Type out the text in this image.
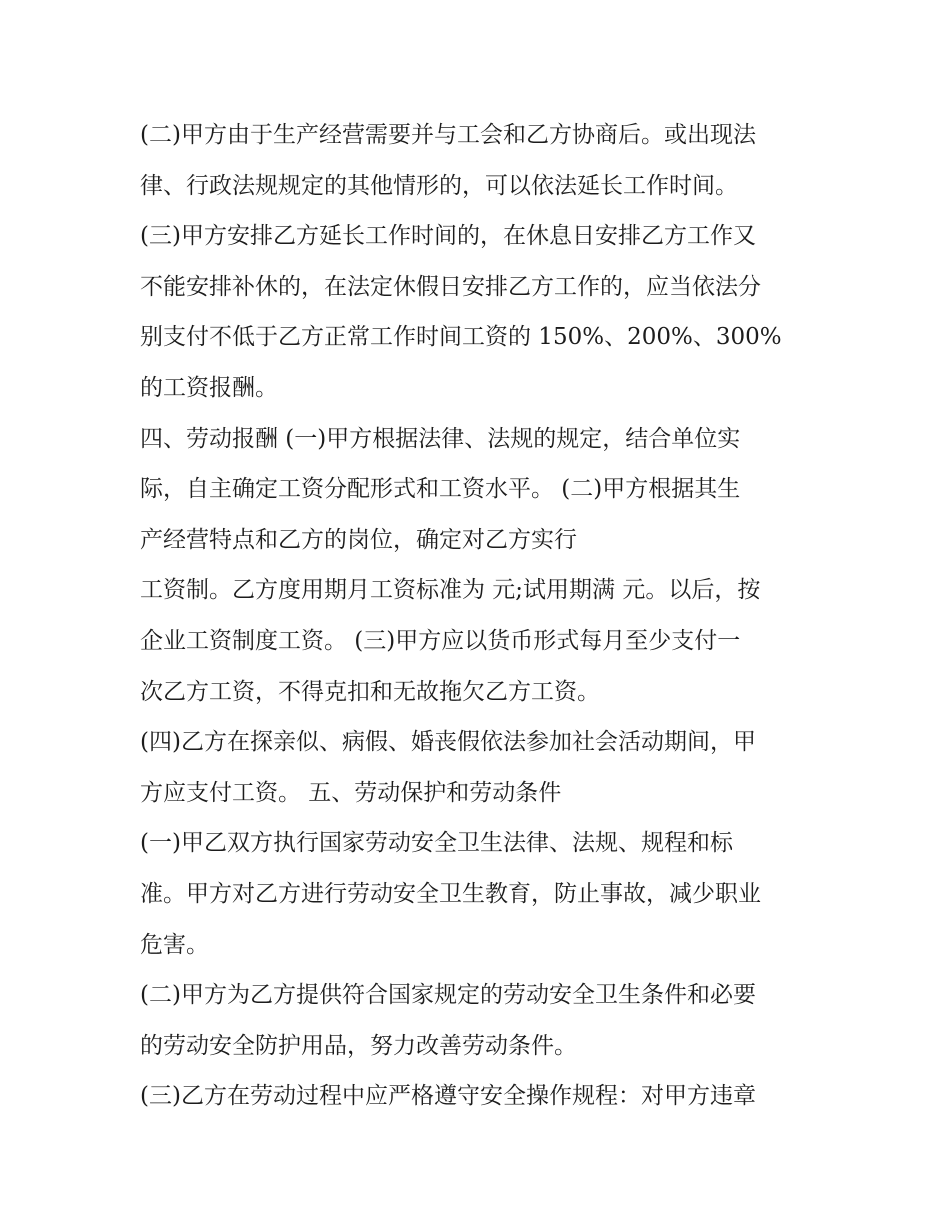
(二)甲方由于生产经营需要并与工会和乙方协商后。或出现法
律、行政法规规定的其他情形的，可以依法延长工作时间。
(三)甲方安排乙方延长工作时间的，在休息日安排乙方工作又
不能安排补休的，在法定休假日安排乙方工作的，应当依法分
别支付不低于乙方正常工作时间工资的 150%、200%、300%
的工资报酬。
四、劳动报酬 (一)甲方根据法律、法规的规定，结合单位实
际，自主确定工资分配形式和工资水平。 (二)甲方根据其生
产经营特点和乙方的岗位，确定对乙方实行
工资制。乙方度用期月工资标准为 元;试用期满 元。以后，按
企业工资制度工资。 (三)甲方应以货币形式每月至少支付一
次乙方工资，不得克扣和无故拖欠乙方工资。
(四)乙方在探亲似、病假、婚丧假依法参加社会活动期间，甲
方应支付工资。 五、劳动保护和劳动条件
(一)甲乙双方执行国家劳动安全卫生法律、法规、规程和标
准。甲方对乙方进行劳动安全卫生教育，防止事故，减少职业
危害。
(二)甲方为乙方提供符合国家规定的劳动安全卫生条件和必要
的劳动安全防护用品，努力改善劳动条件。
(三)乙方在劳动过程中应严格遵守安全操作规程：对甲方违章
